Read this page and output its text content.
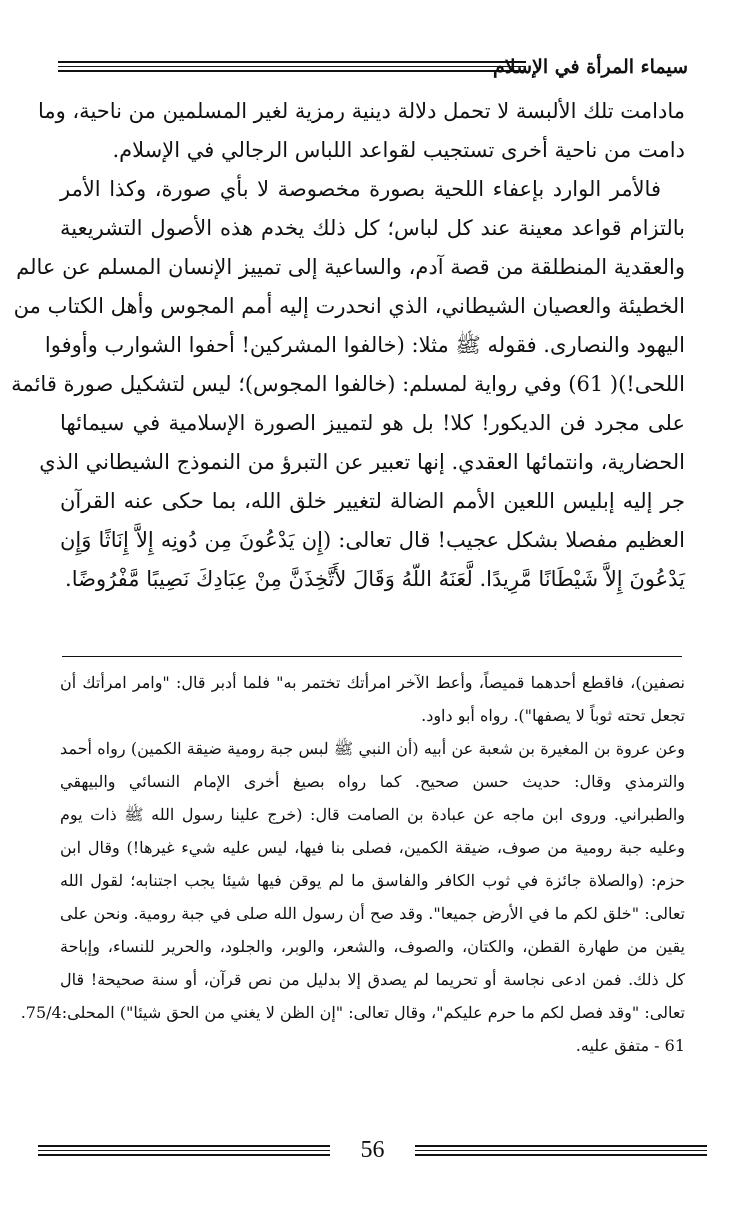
سيماء المرأة في الإسلام
مادامت تلك الألبسة لا تحمل دلالة دينية رمزية لغير المسلمين من ناحية، وما
دامت من ناحية أخرى تستجيب لقواعد اللباس الرجالي في الإسلام.
فالأمر الوارد بإعفاء اللحية بصورة مخصوصة لا بأي صورة، وكذا الأمر
بالتزام قواعد معينة عند كل لباس؛ كل ذلك يخدم هذه الأصول التشريعية
والعقدية المنطلقة من قصة آدم، والساعية إلى تمييز الإنسان المسلم عن عالم
الخطيئة والعصيان الشيطاني، الذي انحدرت إليه أمم المجوس وأهل الكتاب من
اليهود والنصارى. فقوله ﷺ مثلا: (خالفوا المشركين! أحفوا الشوارب وأوفوا
اللحى!)( 61) وفي رواية لمسلم: (خالفوا المجوس)؛ ليس لتشكيل صورة قائمة
على مجرد فن الديكور! كلا! بل هو لتمييز الصورة الإسلامية في سيمائها
الحضارية، وانتمائها العقدي. إنها تعبير عن التبرؤ من النموذج الشيطاني الذي
جر إليه إبليس اللعين الأمم الضالة لتغيير خلق الله، بما حكى عنه القرآن
العظيم مفصلا بشكل عجيب! قال تعالى: (إِن يَدْعُونَ مِن دُونِه إِلاَّ إِنَاثًا وَإِن
يَدْعُونَ إِلاَّ شَيْطَانًا مَّرِيدًا. لَّعَنَهُ اللّهُ وَقَالَ لأَتَّخِذَنَّ مِنْ عِبَادِكَ نَصِيبًا مَّفْرُوضًا.
نصفين)، فاقطع أحدهما قميصاً، وأعط الآخر امرأتك تختمر به" فلما أدبر قال: "وامر امرأتك أن
تجعل تحته ثوباً لا يصفها"). رواه أبو داود.
وعن عروة بن المغيرة بن شعبة عن أبيه (أن النبي ﷺ لبس جبة رومية ضيقة الكمين) رواه أحمد
والترمذي وقال: حديث حسن صحيح. كما رواه بصيغ أخرى الإمام النسائي والبيهقي
والطبراني. وروى ابن ماجه عن عبادة بن الصامت قال: (خرج علينا رسول الله ﷺ ذات يوم
وعليه جبة رومية من صوف، ضيقة الكمين، فصلى بنا فيها، ليس عليه شيء غيرها!) وقال ابن
حزم: (والصلاة جائزة في ثوب الكافر والفاسق ما لم يوقن فيها شيئا يجب اجتنابه؛ لقول الله
تعالى: "خلق لكم ما في الأرض جميعا". وقد صح أن رسول الله صلى في جبة رومية. ونحن على
يقين من طهارة القطن، والكتان، والصوف، والشعر، والوبر، والجلود، والحرير للنساء، وإباحة
كل ذلك. فمن ادعى نجاسة أو تحريما لم يصدق إلا بدليل من نص قرآن، أو سنة صحيحة! قال
تعالى: "وقد فصل لكم ما حرم عليكم"، وقال تعالى: "إن الظن لا يغني من الحق شيئا") المحلى:75/4.
61 - متفق عليه.
56
